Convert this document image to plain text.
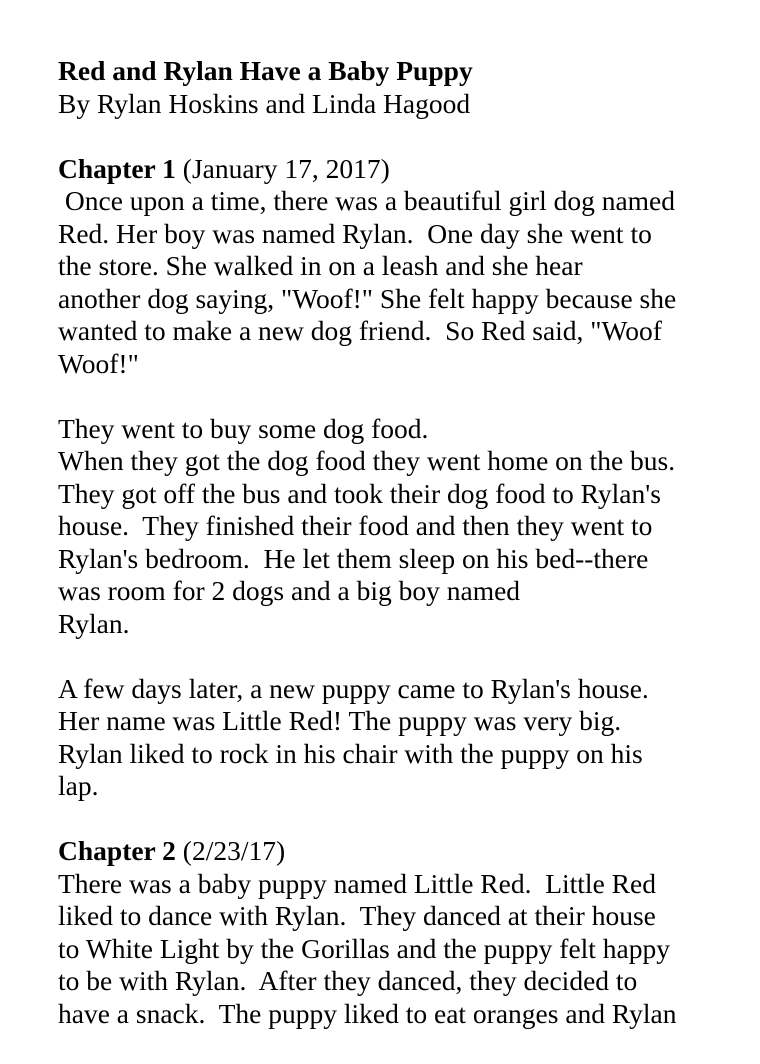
Red and Rylan Have a Baby Puppy
By Rylan Hoskins and Linda Hagood
Chapter 1 (January 17, 2017)
Once upon a time, there was a beautiful girl dog named
Red. Her boy was named Rylan.  One day she went to
the store. She walked in on a leash and she hear
another dog saying, "Woof!" She felt happy because she
wanted to make a new dog friend.  So Red said, "Woof
Woof!"
They went to buy some dog food.
When they got the dog food they went home on the bus.
They got off the bus and took their dog food to Rylan's
house.  They finished their food and then they went to
Rylan's bedroom.  He let them sleep on his bed--there
was room for 2 dogs and a big boy named
Rylan.
A few days later, a new puppy came to Rylan's house.
Her name was Little Red! The puppy was very big.
Rylan liked to rock in his chair with the puppy on his
lap.
Chapter 2 (2/23/17)
There was a baby puppy named Little Red.  Little Red
liked to dance with Rylan.  They danced at their house
to White Light by the Gorillas and the puppy felt happy
to be with Rylan.  After they danced, they decided to
have a snack.  The puppy liked to eat oranges and Rylan
